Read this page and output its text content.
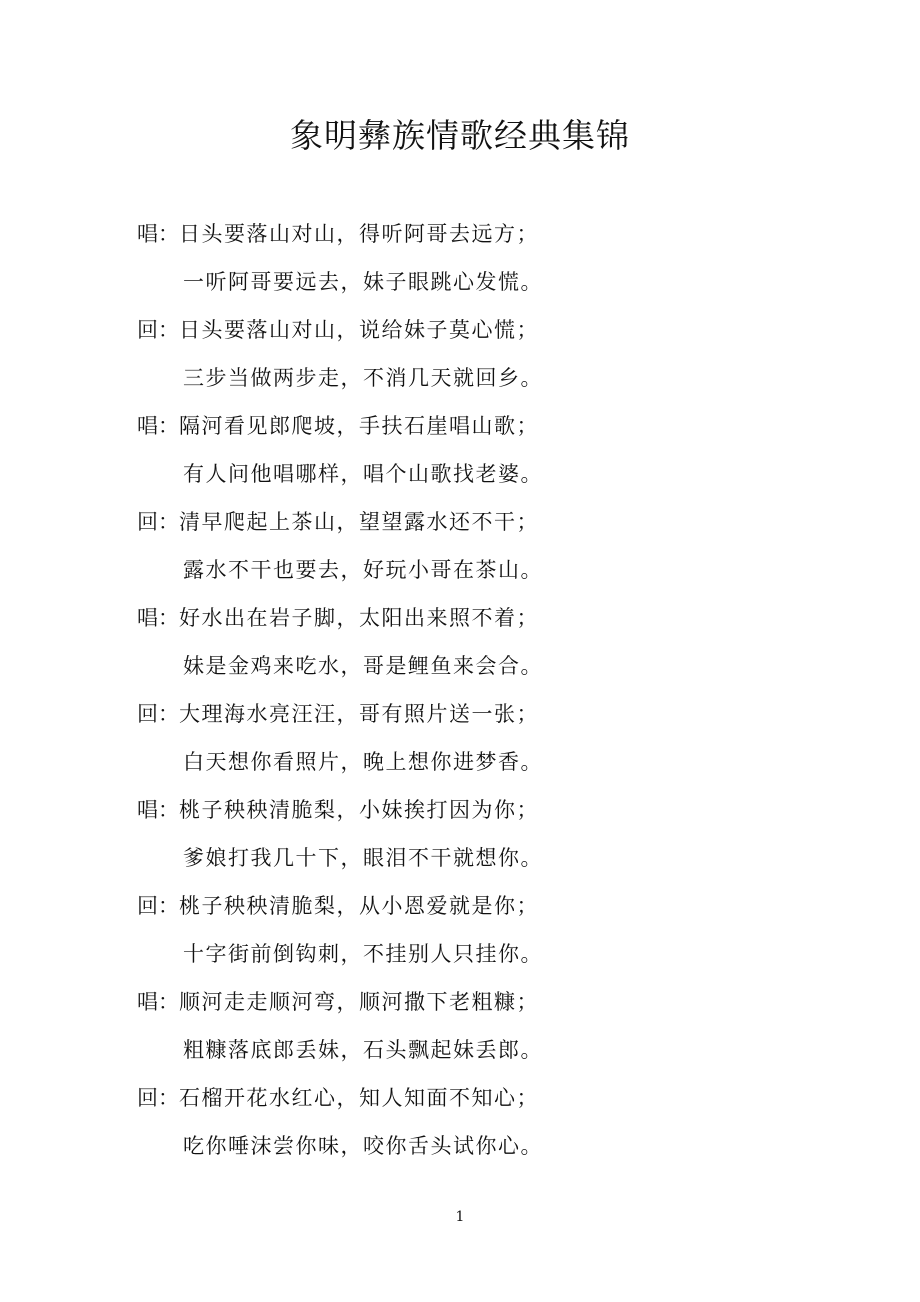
象明彝族情歌经典集锦
唱：日头要落山对山，得听阿哥去远方；
一听阿哥要远去，妹子眼跳心发慌。
回：日头要落山对山，说给妹子莫心慌；
三步当做两步走，不消几天就回乡。
唱：隔河看见郎爬坡，手扶石崖唱山歌；
有人问他唱哪样，唱个山歌找老婆。
回：清早爬起上茶山，望望露水还不干；
露水不干也要去，好玩小哥在茶山。
唱：好水出在岩子脚，太阳出来照不着；
妹是金鸡来吃水，哥是鲤鱼来会合。
回：大理海水亮汪汪，哥有照片送一张；
白天想你看照片，晚上想你进梦香。
唱：桃子秧秧清脆梨，小妹挨打因为你；
爹娘打我几十下，眼泪不干就想你。
回：桃子秧秧清脆梨，从小恩爱就是你；
十字街前倒钩刺，不挂别人只挂你。
唱：顺河走走顺河弯，顺河撒下老粗糠；
粗糠落底郎丢妹，石头飘起妹丢郎。
回：石榴开花水红心，知人知面不知心；
吃你唾沫尝你味，咬你舌头试你心。
1
